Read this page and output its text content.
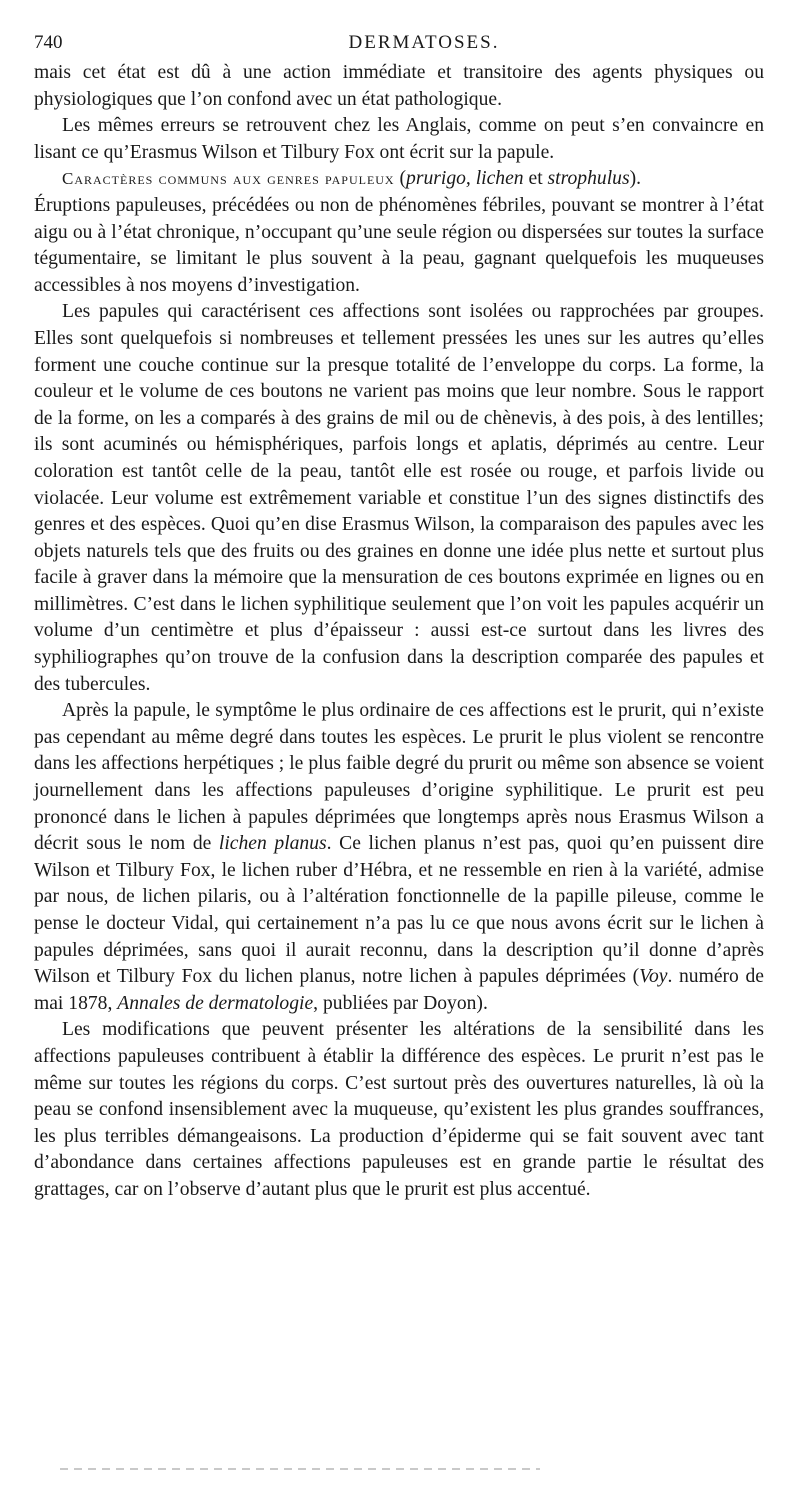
740	DERMATOSES.

mais cet état est dû à une action immédiate et transitoire des agents physiques ou physiologiques que l’on confond avec un état pathologique.

Les mêmes erreurs se retrouvent chez les Anglais, comme on peut s’en convaincre en lisant ce qu’Erasmus Wilson et Tilbury Fox ont écrit sur la papule.

Caractères communs aux genres papuleux (prurigo, lichen et strophulus).

Éruptions papuleuses, précédées ou non de phénomènes fébriles, pouvant se montrer à l’état aigu ou à l’état chronique, n’occupant qu’une seule région ou dispersées sur toutes la surface tégumentaire, se limitant le plus souvent à la peau, gagnant quelquefois les muqueuses accessibles à nos moyens d’investigation.

Les papules qui caractérisent ces affections sont isolées ou rapprochées par groupes. Elles sont quelquefois si nombreuses et tellement pressées les unes sur les autres qu’elles forment une couche continue sur la presque totalité de l’enveloppe du corps. La forme, la couleur et le volume de ces boutons ne varient pas moins que leur nombre. Sous le rapport de la forme, on les a comparés à des grains de mil ou de chènevis, à des pois, à des lentilles; ils sont acuminés ou hémisphériques, parfois longs et aplatis, déprimés au centre. Leur coloration est tantôt celle de la peau, tantôt elle est rosée ou rouge, et parfois livide ou violacée. Leur volume est extrêmement variable et constitue l’un des signes distinctifs des genres et des espèces. Quoi qu’en dise Erasmus Wilson, la comparaison des papules avec les objets naturels tels que des fruits ou des graines en donne une idée plus nette et surtout plus facile à graver dans la mémoire que la mensuration de ces boutons exprimée en lignes ou en millimètres. C’est dans le lichen syphilitique seulement que l’on voit les papules acquérir un volume d’un centimètre et plus d’épaisseur : aussi est-ce surtout dans les livres des syphiliographes qu’on trouve de la confusion dans la description comparée des papules et des tubercules.

Après la papule, le symptôme le plus ordinaire de ces affections est le prurit, qui n’existe pas cependant au même degré dans toutes les espèces. Le prurit le plus violent se rencontre dans les affections herpétiques ; le plus faible degré du prurit ou même son absence se voient journellement dans les affections papuleuses d’origine syphilitique. Le prurit est peu prononcé dans le lichen à papules déprimées que longtemps après nous Erasmus Wilson a décrit sous le nom de lichen planus. Ce lichen planus n’est pas, quoi qu’en puissent dire Wilson et Tilbury Fox, le lichen ruber d’Hébra, et ne ressemble en rien à la variété, admise par nous, de lichen pilaris, ou à l’altération fonctionnelle de la papille pileuse, comme le pense le docteur Vidal, qui certainement n’a pas lu ce que nous avons écrit sur le lichen à papules déprimées, sans quoi il aurait reconnu, dans la description qu’il donne d’après Wilson et Tilbury Fox du lichen planus, notre lichen à papules déprimées (Voy. numéro de mai 1878, Annales de dermatologie, publiées par Doyon).

Les modifications que peuvent présenter les altérations de la sensibilité dans les affections papuleuses contribuent à établir la différence des espèces. Le prurit n’est pas le même sur toutes les régions du corps. C’est surtout près des ouvertures naturelles, là où la peau se confond insensiblement avec la muqueuse, qu’existent les plus grandes souffrances, les plus terribles démangeaisons. La production d’épiderme qui se fait souvent avec tant d’abondance dans certaines affections papuleuses est en grande partie le résultat des grattages, car on l’observe d’autant plus que le prurit est plus accentué.
